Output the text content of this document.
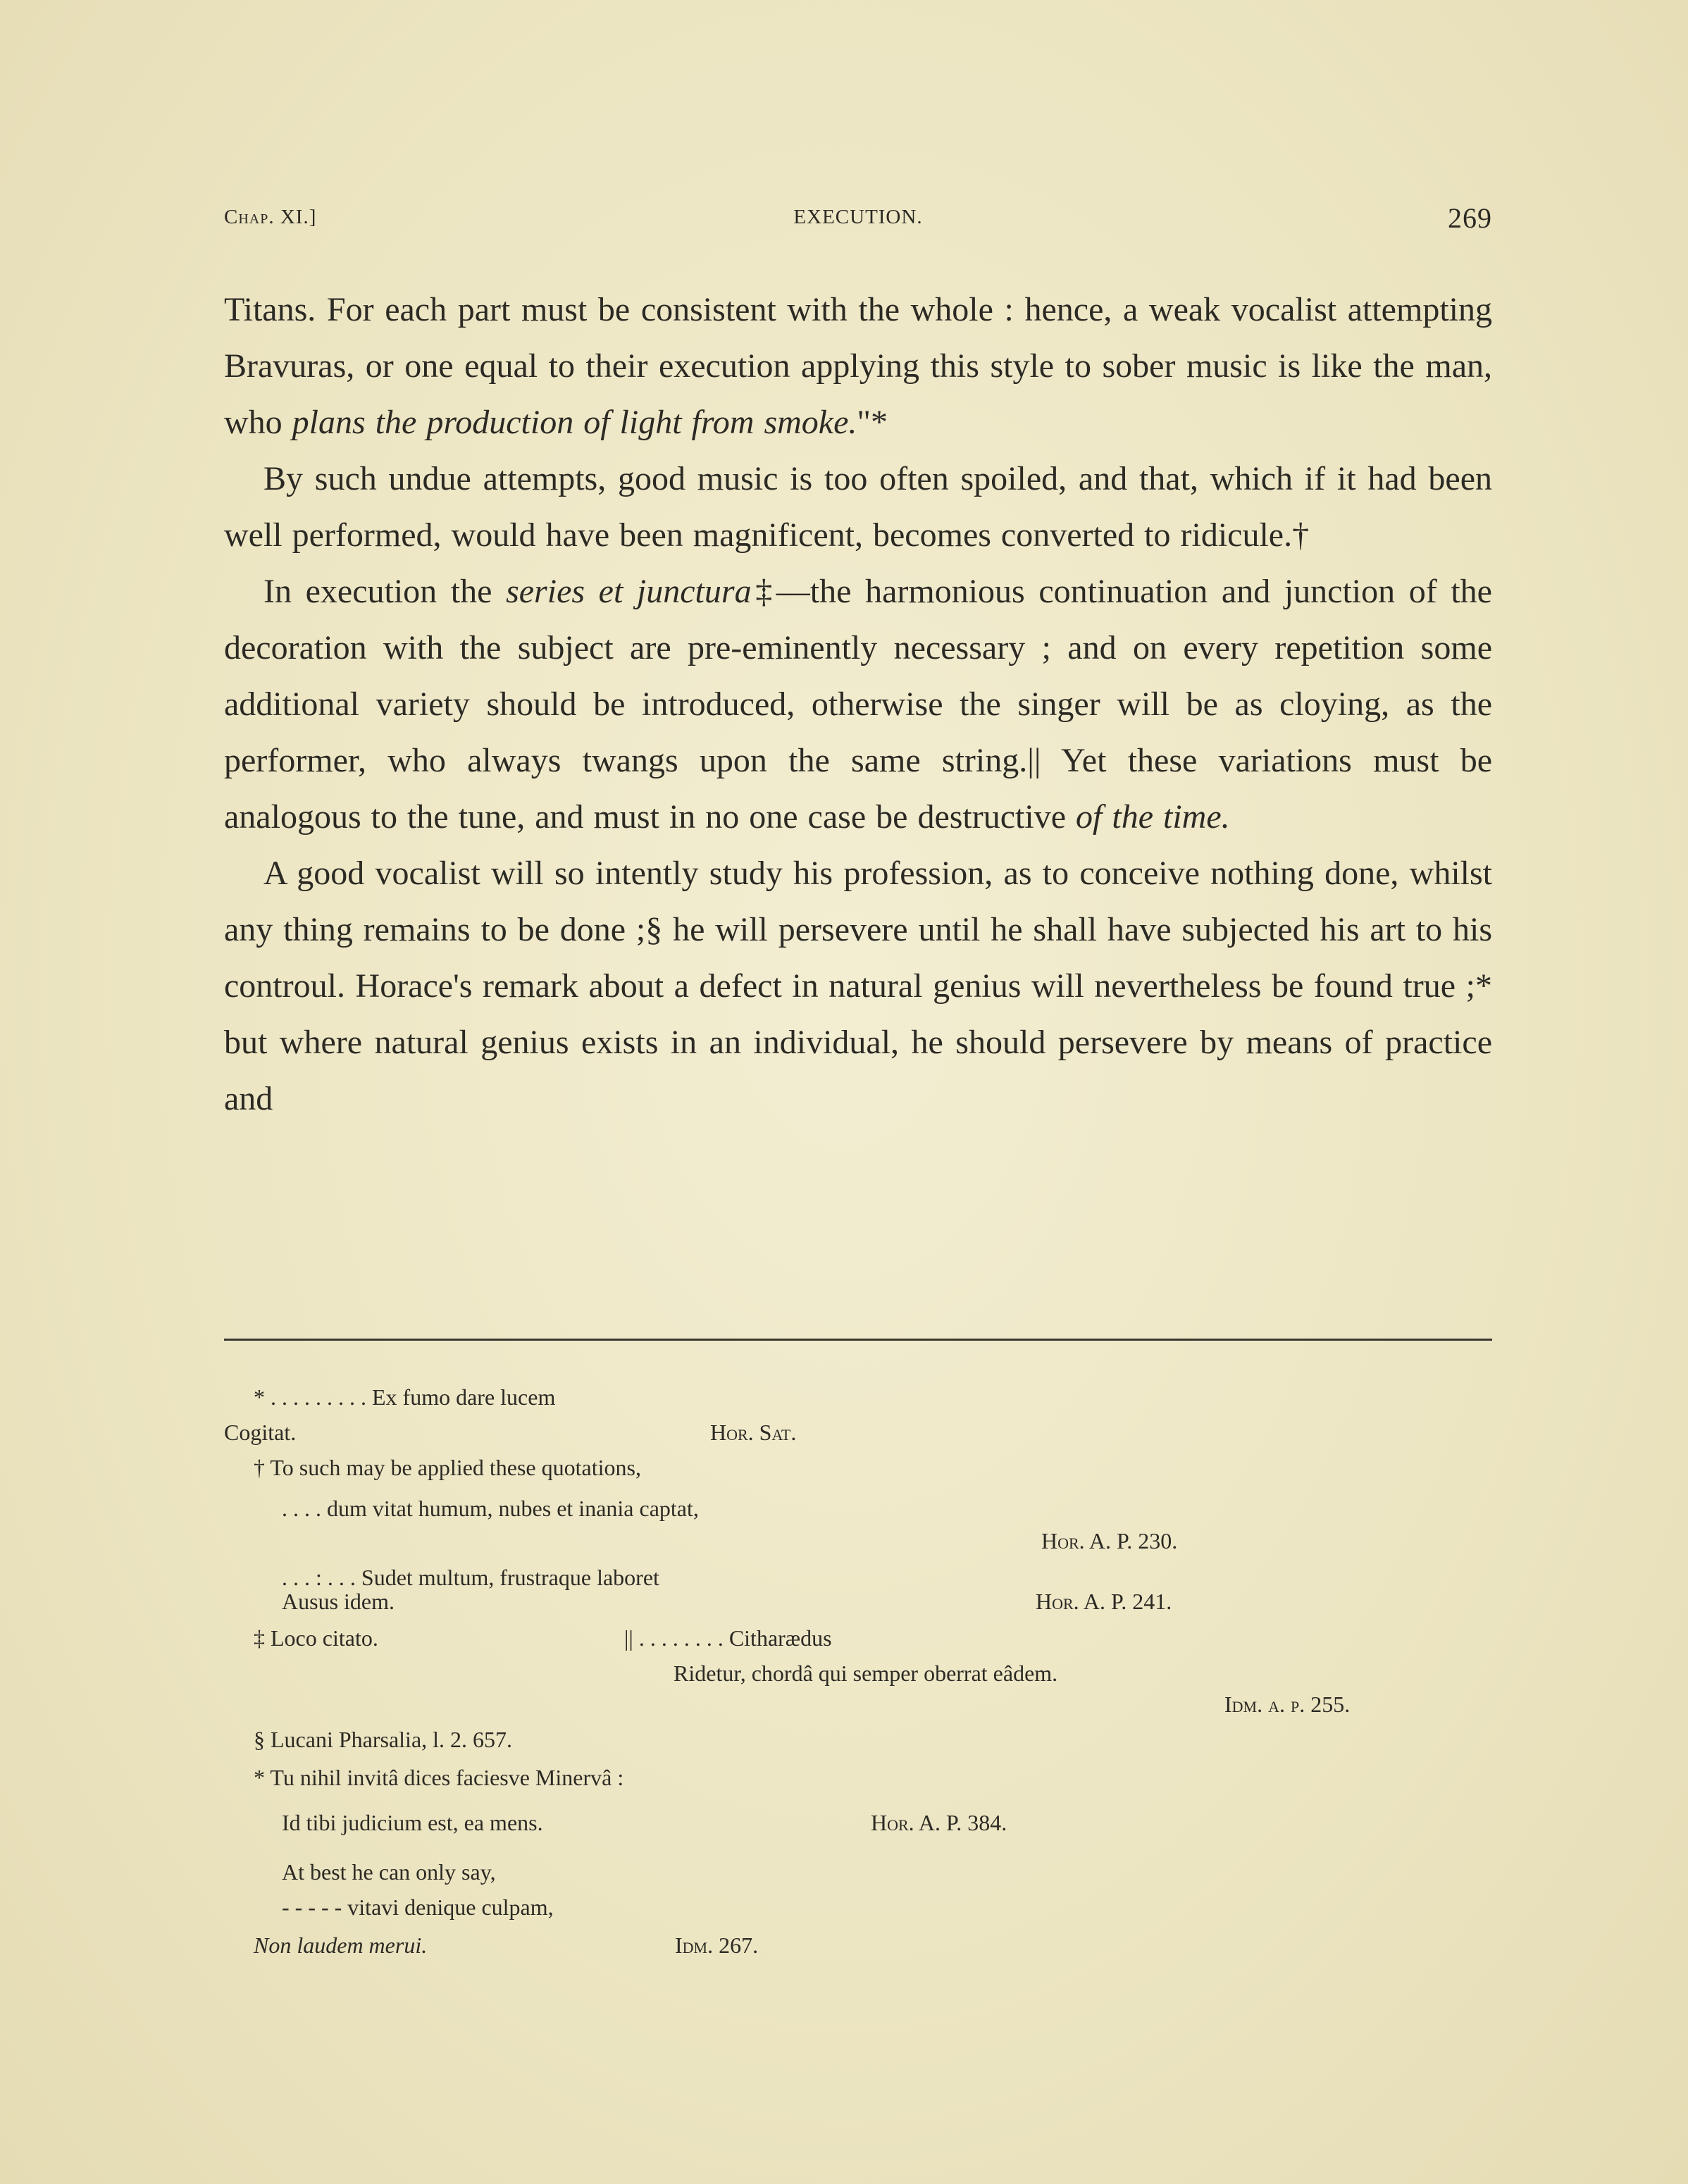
Chap. XI.]	EXECUTION.	269

Titans. For each part must be consistent with the whole : hence, a weak vocalist attempting Bravuras, or one equal to their execution applying this style to sober music is like the man, who plans the production of light from smoke."*

By such undue attempts, good music is too often spoiled, and that, which if it had been well performed, would have been magnificent, becomes converted to ridicule.†

In execution the series et junctura‡—the harmonious continuation and junction of the decoration with the subject are pre-eminently necessary ; and on every repetition some additional variety should be introduced, otherwise the singer will be as cloying, as the performer, who always twangs upon the same string.|| Yet these variations must be analogous to the tune, and must in no one case be destructive of the time.

A good vocalist will so intently study his profession, as to conceive nothing done, whilst any thing remains to be done ;§ he will persevere until he shall have subjected his art to his controul. Horace's remark about a defect in natural genius will nevertheless be found true ;* but where natural genius exists in an individual, he should persevere by means of practice and

* . . . . . . . . . Ex fumo dare lucem
Cogitat.	Hor. Sat.
† To such may be applied these quotations,
. . . . dum vitat humum, nubes et inania captat,
Hor. A. P. 230.
. . . : . . . Sudet multum, frustraque laboret
Ausus idem.	Hor. A. P. 241.
‡ Loco citato.	|| . . . . . . . . Citharædus
Ridetur, chordâ qui semper oberrat eâdem.
Idm. a. p. 255.
§ Lucani Pharsalia, l. 2. 657.
* Tu nihil invitâ dices faciesve Minervâ :
Id tibi judicium est, ea mens.	Hor. A. P. 384.
At best he can only say,
- - - - - vitavi denique culpam,
Non laudem merui.	Idm. 267.
